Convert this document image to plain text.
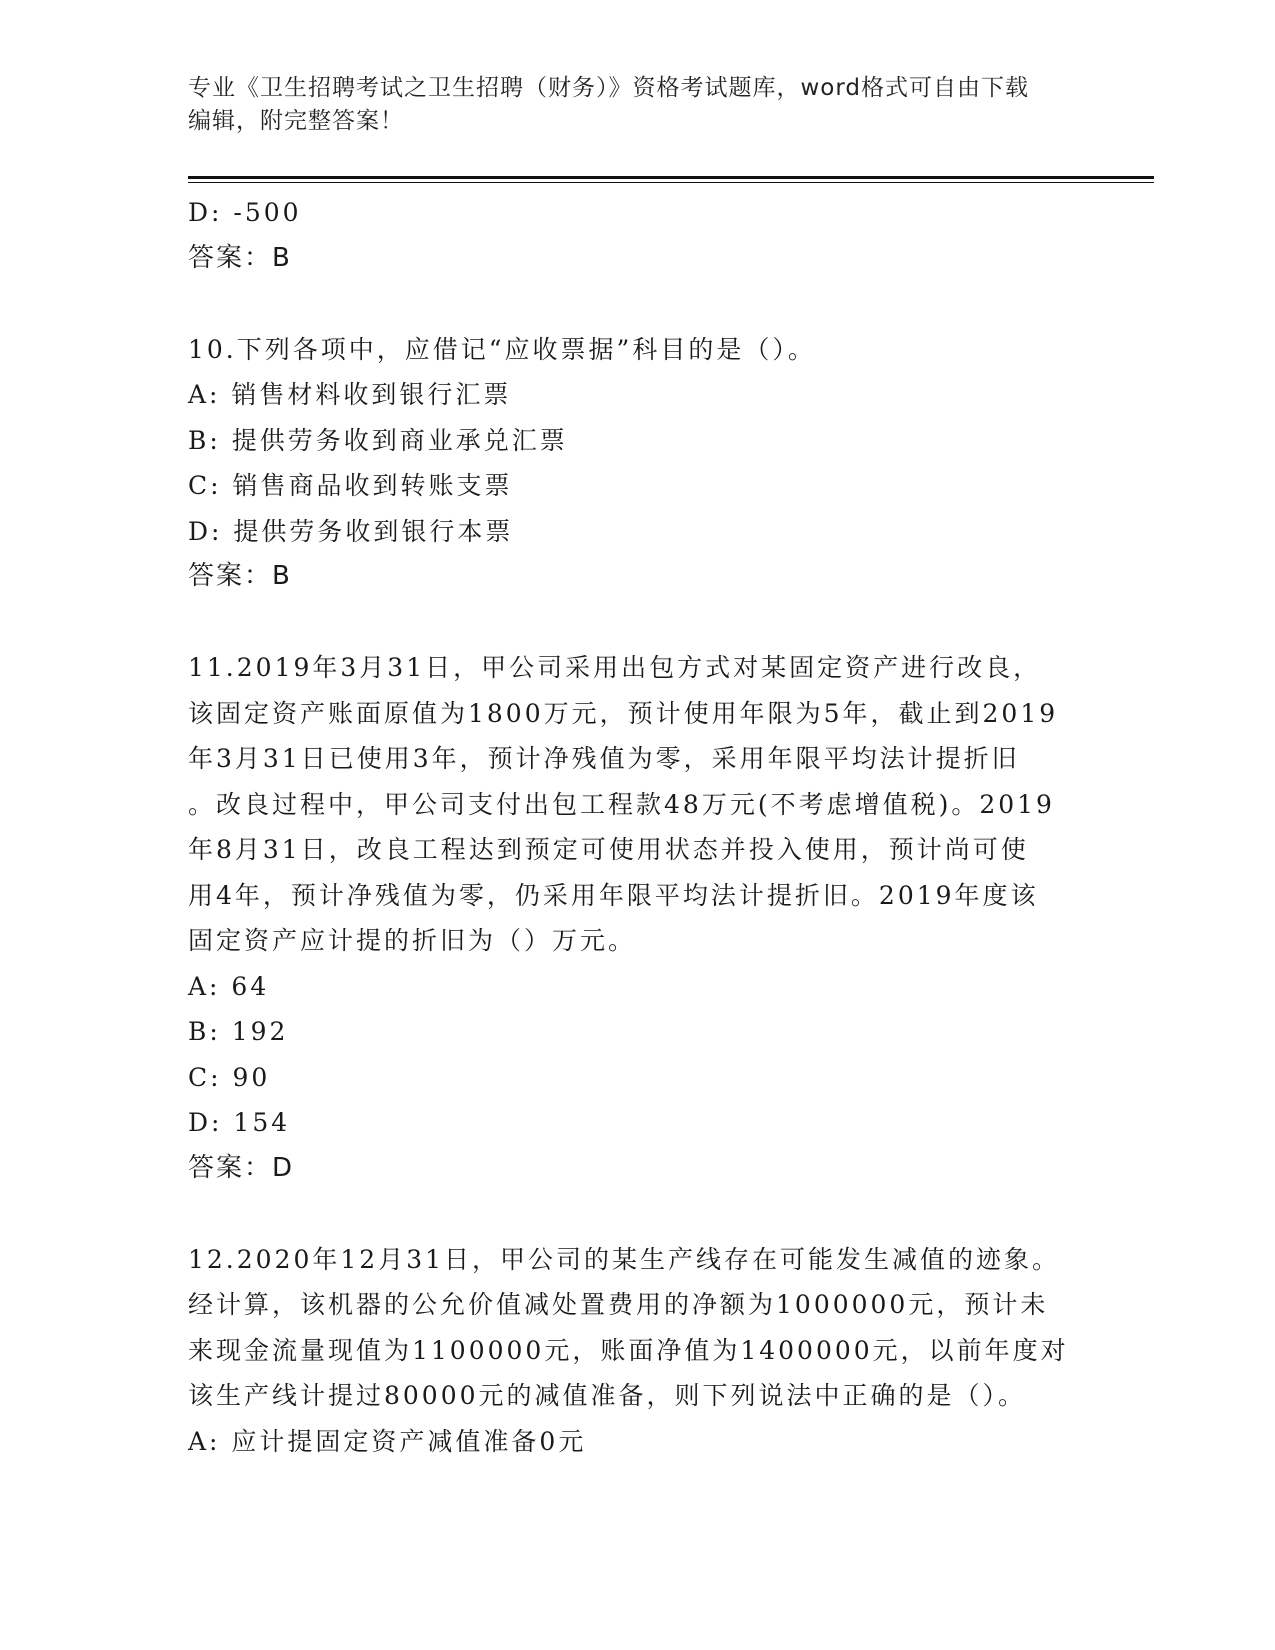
专业《卫生招聘考试之卫生招聘（财务）》资格考试题库，word格式可自由下载
编辑，附完整答案！

D: -500

答案：B

10.下列各项中，应借记“应收票据”科目的是（）。

A: 销售材料收到银行汇票

B: 提供劳务收到商业承兑汇票

C: 销售商品收到转账支票

D: 提供劳务收到银行本票

答案：B

11.2019年3月31日，甲公司采用出包方式对某固定资产进行改良，
该固定资产账面原值为1800万元，预计使用年限为5年，截止到2019
年3月31日已使用3年，预计净残值为零，采用年限平均法计提折旧
。改良过程中，甲公司支付出包工程款48万元(不考虑增值税)。2019
年8月31日，改良工程达到预定可使用状态并投入使用，预计尚可使
用4年，预计净残值为零，仍采用年限平均法计提折旧。2019年度该
固定资产应计提的折旧为（）万元。

A: 64

B: 192

C: 90

D: 154

答案：D

12.2020年12月31日，甲公司的某生产线存在可能发生减值的迹象。
经计算，该机器的公允价值减处置费用的净额为1000000元，预计未
来现金流量现值为1100000元，账面净值为1400000元，以前年度对
该生产线计提过80000元的减值准备，则下列说法中正确的是（）。

A: 应计提固定资产减值准备0元
